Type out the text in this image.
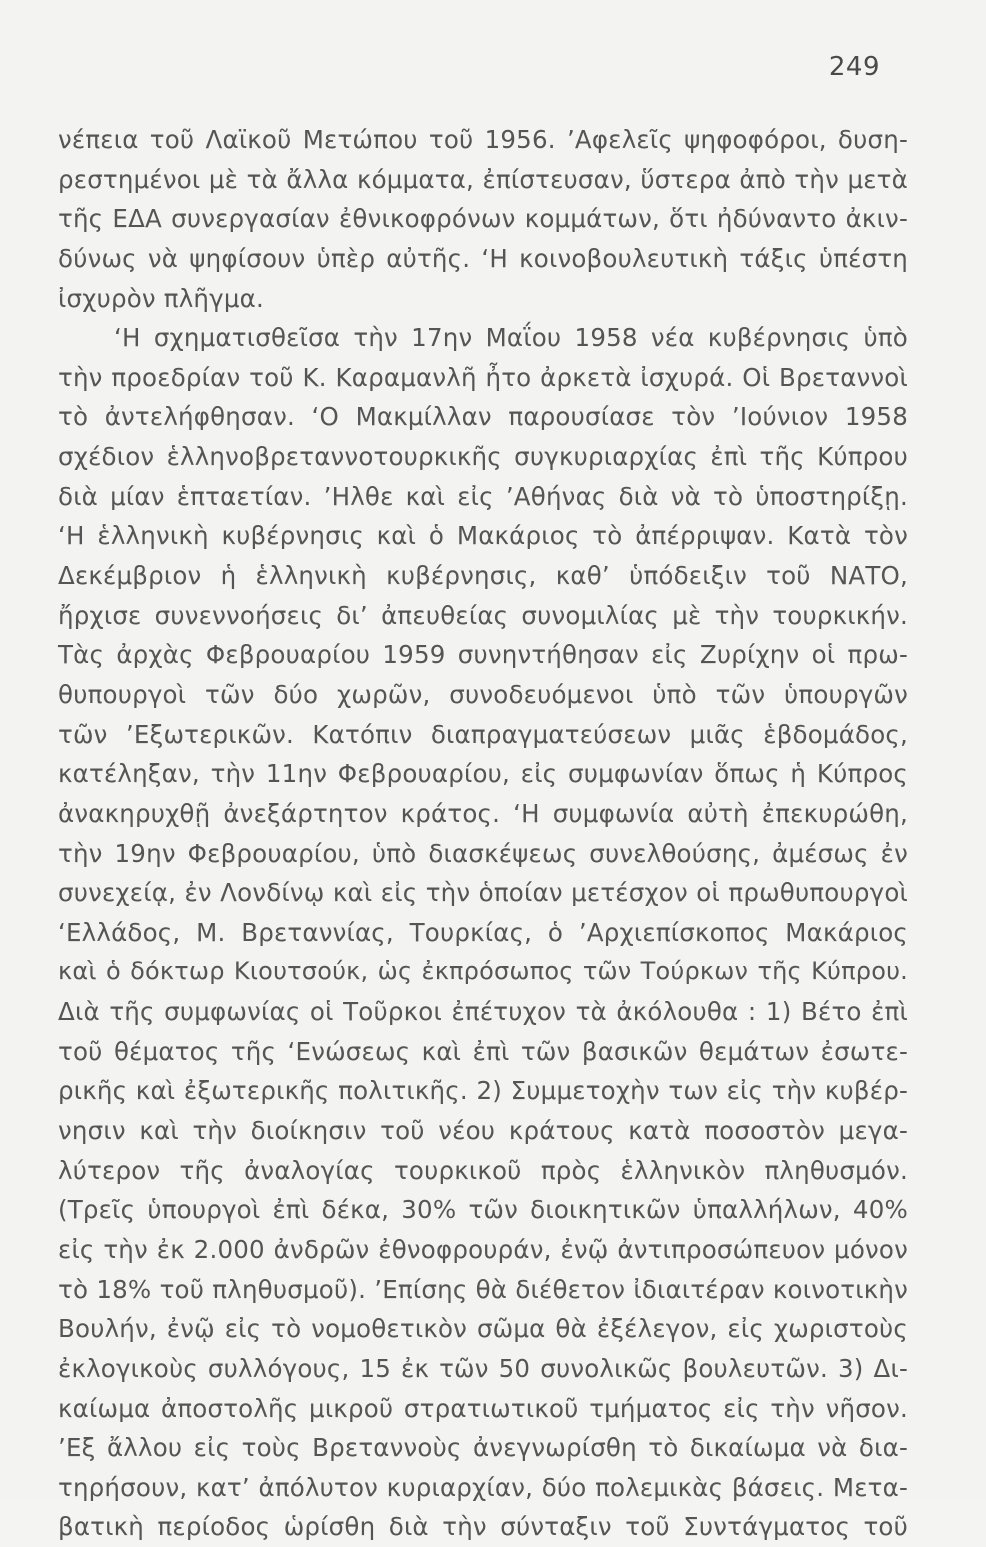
249
νέπεια τοῦ Λαϊκοῦ Μετώπου τοῦ 1956. ’Αφελεῖς ψηφοφόροι, δυση-
ρεστημένοι μὲ τὰ ἄλλα κόμματα, ἐπίστευσαν, ὕστερα ἀπὸ τὴν μετὰ
τῆς ΕΔΑ συνεργασίαν ἐθνικοφρόνων κομμάτων, ὅτι ἠδύναντο ἀκιν-
δύνως νὰ ψηφίσουν ὑπὲρ αὐτῆς. ‘Η κοινοβουλευτικὴ τάξις ὑπέστη
ἰσχυρὸν πλῆγμα.
‘Η σχηματισθεῖσα τὴν 17ην Μαΐου 1958 νέα κυβέρνησις ὑπὸ
τὴν προεδρίαν τοῦ Κ. Καραμανλῆ ἦτο ἀρκετὰ ἰσχυρά. Οἱ Βρεταννοὶ
τὸ ἀντελήφθησαν. ‘Ο Μακμίλλαν παρουσίασε τὸν ’Ιούνιον 1958
σχέδιον ἑλληνοβρεταννοτουρκικῆς συγκυριαρχίας ἐπὶ τῆς Κύπρου
διὰ μίαν ἑπταετίαν. ’Ηλθε καὶ εἰς ’Αθήνας διὰ νὰ τὸ ὑποστηρίξῃ.
‘Η ἑλληνικὴ κυβέρνησις καὶ ὁ Μακάριος τὸ ἀπέρριψαν. Κατὰ τὸν
Δεκέμβριον ἡ ἑλληνικὴ κυβέρνησις, καθ’ ὑπόδειξιν τοῦ ΝΑΤΟ,
ἤρχισε συνεννοήσεις δι’ ἀπευθείας συνομιλίας μὲ τὴν τουρκικήν.
Τὰς ἀρχὰς Φεβρουαρίου 1959 συνηντήθησαν εἰς Ζυρίχην οἱ πρω-
θυπουργοὶ τῶν δύο χωρῶν, συνοδευόμενοι ὑπὸ τῶν ὑπουργῶν
τῶν ’Εξωτερικῶν. Κατόπιν διαπραγματεύσεων μιᾶς ἑβδομάδος,
κατέληξαν, τὴν 11ην Φεβρουαρίου, εἰς συμφωνίαν ὅπως ἡ Κύπρος
ἀνακηρυχθῇ ἀνεξάρτητον κράτος. ‘Η συμφωνία αὐτὴ ἐπεκυρώθη,
τὴν 19ην Φεβρουαρίου, ὑπὸ διασκέψεως συνελθούσης, ἀμέσως ἐν
συνεχείᾳ, ἐν Λονδίνῳ καὶ εἰς τὴν ὁποίαν μετέσχον οἱ πρωθυπουργοὶ
‘Ελλάδος, Μ. Βρεταννίας, Τουρκίας, ὁ ’Αρχιεπίσκοπος Μακάριος
καὶ ὁ δόκτωρ Κιουτσούκ, ὡς ἐκπρόσωπος τῶν Τούρκων τῆς Κύπρου.
Διὰ τῆς συμφωνίας οἱ Τοῦρκοι ἐπέτυχον τὰ ἀκόλουθα : 1) Βέτο ἐπὶ
τοῦ θέματος τῆς ‘Ενώσεως καὶ ἐπὶ τῶν βασικῶν θεμάτων ἐσωτε-
ρικῆς καὶ ἐξωτερικῆς πολιτικῆς. 2) Συμμετοχὴν των εἰς τὴν κυβέρ-
νησιν καὶ τὴν διοίκησιν τοῦ νέου κράτους κατὰ ποσοστὸν μεγα-
λύτερον τῆς ἀναλογίας τουρκικοῦ πρὸς ἑλληνικὸν πληθυσμόν.
(Τρεῖς ὑπουργοὶ ἐπὶ δέκα, 30% τῶν διοικητικῶν ὑπαλλήλων, 40%
εἰς τὴν ἐκ 2.000 ἀνδρῶν ἐθνοφρουράν, ἐνῷ ἀντιπροσώπευον μόνον
τὸ 18% τοῦ πληθυσμοῦ). ’Επίσης θὰ διέθετον ἰδιαιτέραν κοινοτικὴν
Βουλήν, ἐνῷ εἰς τὸ νομοθετικὸν σῶμα θὰ ἐξέλεγον, εἰς χωριστοὺς
ἐκλογικοὺς συλλόγους, 15 ἐκ τῶν 50 συνολικῶς βουλευτῶν. 3) Δι-
καίωμα ἀποστολῆς μικροῦ στρατιωτικοῦ τμήματος εἰς τὴν νῆσον.
’Εξ ἄλλου εἰς τοὺς Βρεταννοὺς ἀνεγνωρίσθη τὸ δικαίωμα νὰ δια-
τηρήσουν, κατ’ ἀπόλυτον κυριαρχίαν, δύο πολεμικὰς βάσεις. Μετα-
βατικὴ περίοδος ὡρίσθη διὰ τὴν σύνταξιν τοῦ Συντάγματος τοῦ
